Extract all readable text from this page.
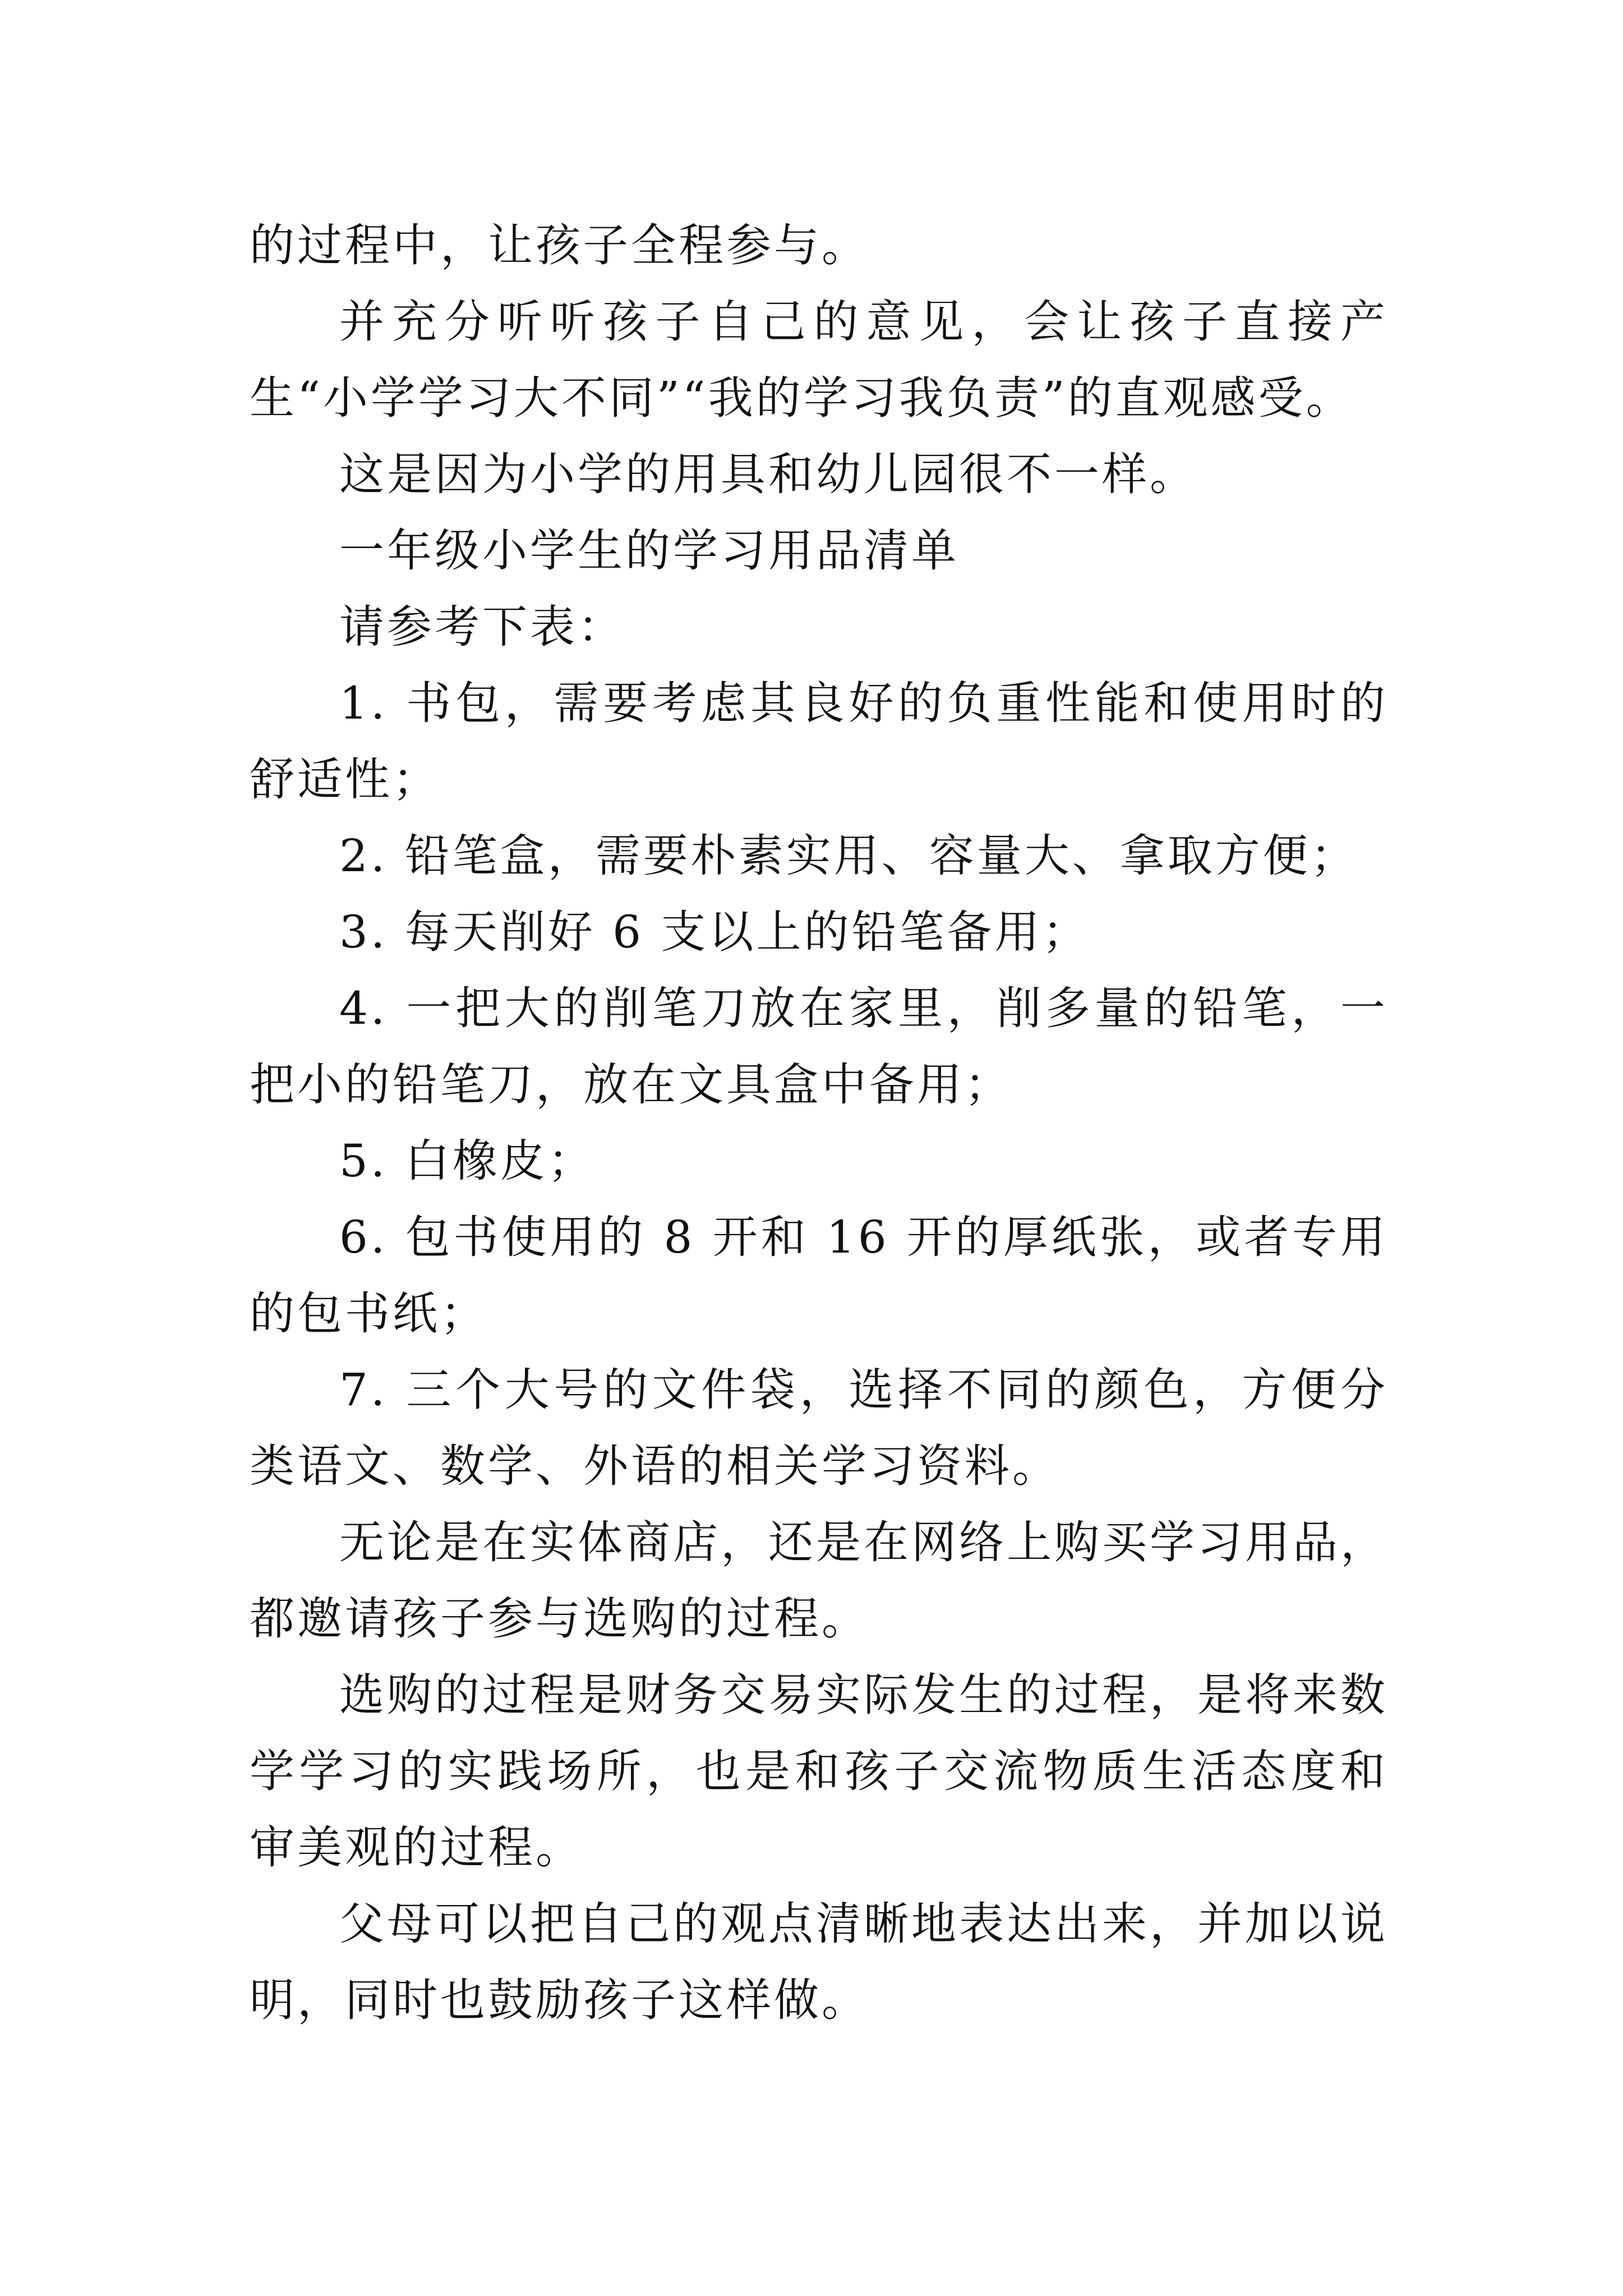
的过程中，让孩子全程参与。

并充分听听孩子自己的意见，会让孩子直接产生“小学学习大不同”“我的学习我负责”的直观感受。

这是因为小学的用具和幼儿园很不一样。

一年级小学生的学习用品清单

请参考下表：

1. 书包，需要考虑其良好的负重性能和使用时的舒适性；

2. 铅笔盒，需要朴素实用、容量大、拿取方便；

3. 每天削好 6 支以上的铅笔备用；

4. 一把大的削笔刀放在家里，削多量的铅笔，一把小的铅笔刀，放在文具盒中备用；

5. 白橡皮；

6. 包书使用的 8 开和 16 开的厚纸张，或者专用的包书纸；

7. 三个大号的文件袋，选择不同的颜色，方便分类语文、数学、外语的相关学习资料。

无论是在实体商店，还是在网络上购买学习用品，都邀请孩子参与选购的过程。

选购的过程是财务交易实际发生的过程，是将来数学学习的实践场所，也是和孩子交流物质生活态度和审美观的过程。

父母可以把自己的观点清晰地表达出来，并加以说明，同时也鼓励孩子这样做。
